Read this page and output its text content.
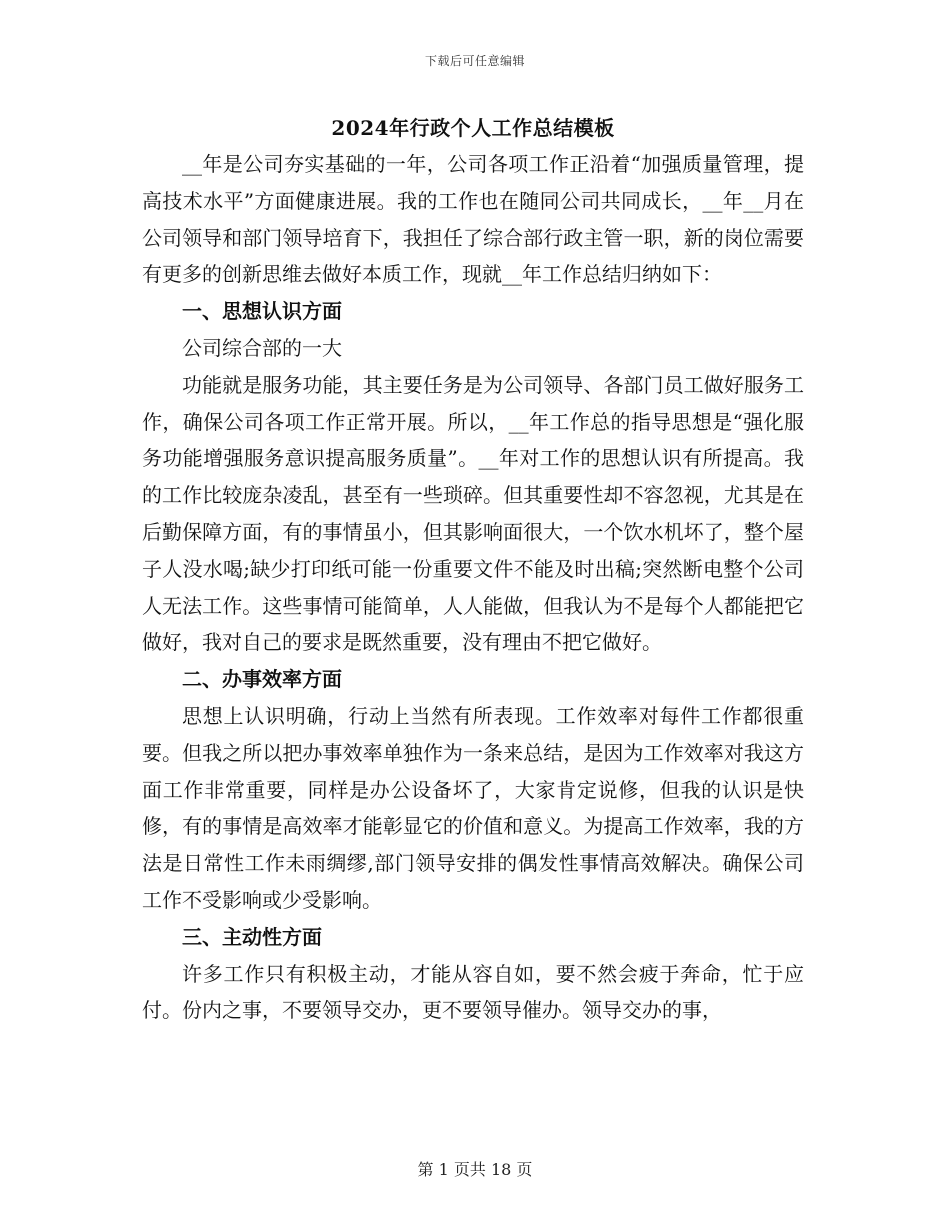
下载后可任意编辑
2024年行政个人工作总结模板

__年是公司夯实基础的一年，公司各项工作正沿着“加强质量管理，提高技术水平”方面健康进展。我的工作也在随同公司共同成长，__年__月在公司领导和部门领导培育下，我担任了综合部行政主管一职，新的岗位需要有更多的创新思维去做好本质工作，现就__年工作总结归纳如下：

一、思想认识方面

公司综合部的一大

功能就是服务功能，其主要任务是为公司领导、各部门员工做好服务工作，确保公司各项工作正常开展。所以，__年工作总的指导思想是“强化服务功能增强服务意识提高服务质量”。__年对工作的思想认识有所提高。我的工作比较庞杂凌乱，甚至有一些琐碎。但其重要性却不容忽视，尤其是在后勤保障方面，有的事情虽小，但其影响面很大，一个饮水机坏了，整个屋子人没水喝;缺少打印纸可能一份重要文件不能及时出稿;突然断电整个公司人无法工作。这些事情可能简单，人人能做，但我认为不是每个人都能把它做好，我对自己的要求是既然重要，没有理由不把它做好。

二、办事效率方面

思想上认识明确，行动上当然有所表现。工作效率对每件工作都很重要。但我之所以把办事效率单独作为一条来总结，是因为工作效率对我这方面工作非常重要，同样是办公设备坏了，大家肯定说修，但我的认识是快修，有的事情是高效率才能彰显它的价值和意义。为提高工作效率，我的方法是日常性工作未雨绸缪,部门领导安排的偶发性事情高效解决。确保公司工作不受影响或少受影响。

三、主动性方面

许多工作只有积极主动，才能从容自如，要不然会疲于奔命，忙于应付。份内之事，不要领导交办，更不要领导催办。领导交办的事，

第 1 页共 18 页
